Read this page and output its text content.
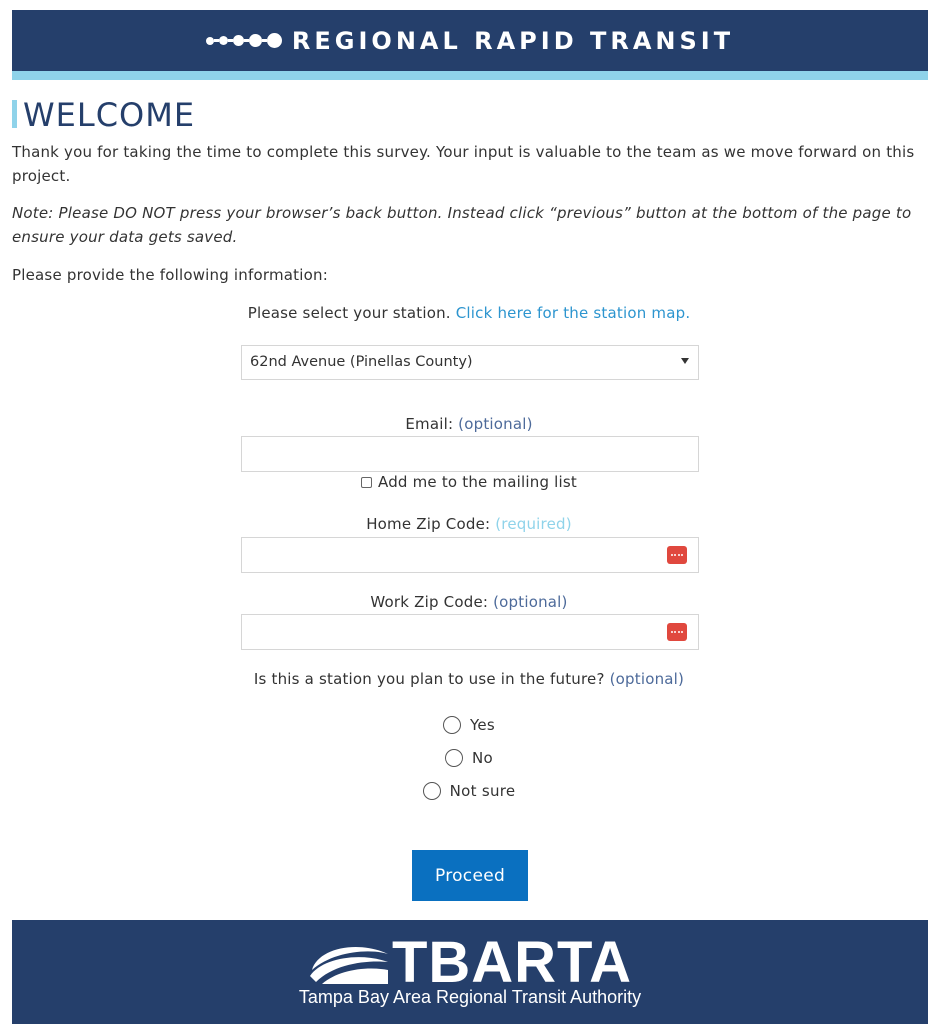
REGIONAL RAPID TRANSIT
WELCOME

Thank you for taking the time to complete this survey. Your input is valuable to the team as we move forward on this project.

Note: Please DO NOT press your browser’s back button. Instead click “previous” button at the bottom of the page to ensure your data gets saved.

Please provide the following information:

Please select your station. Click here for the station map.
62nd Avenue (Pinellas County)
Email: (optional)
Add me to the mailing list
Home Zip Code: (required)
Work Zip Code: (optional)
Is this a station you plan to use in the future? (optional)
Yes
No
Not sure
Proceed
TBARTA
Tampa Bay Area Regional Transit Authority
